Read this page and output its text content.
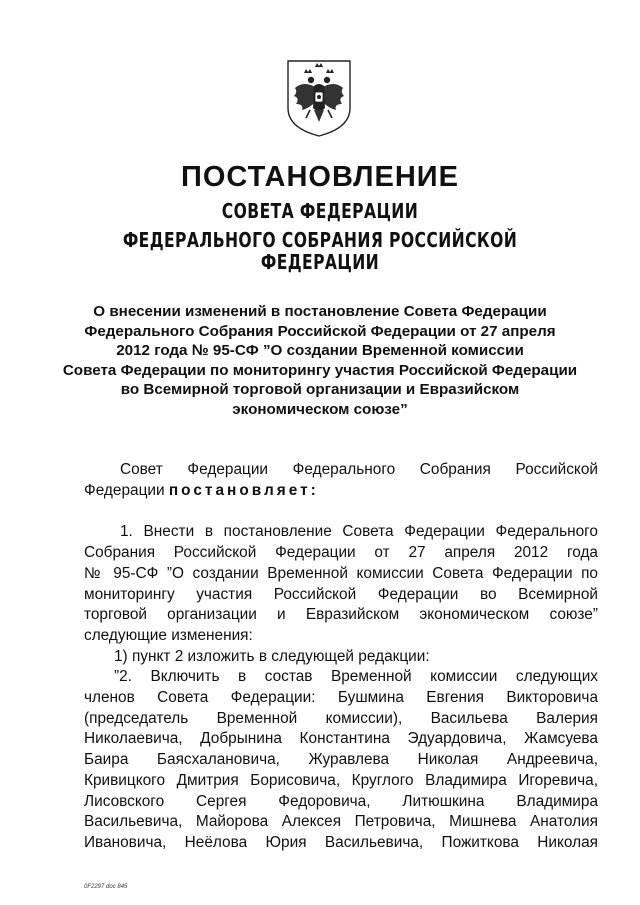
ПОСТАНОВЛЕНИЕ
СОВЕТА ФЕДЕРАЦИИ
ФЕДЕРАЛЬНОГО СОБРАНИЯ РОССИЙСКОЙ ФЕДЕРАЦИИ
О внесении изменений в постановление Совета Федерации
Федерального Собрания Российской Федерации от 27 апреля
2012 года № 95-СФ ”О создании Временной комиссии
Совета Федерации по мониторингу участия Российской Федерации
во Всемирной торговой организации и Евразийском
экономическом союзе”
Совет Федерации Федерального Собрания Российской
Федерации постановляет:
1. Внести в постановление Совета Федерации Федерального
Собрания Российской Федерации от 27 апреля 2012 года
№ 95-СФ ”О создании Временной комиссии Совета Федерации по
мониторингу участия Российской Федерации во Всемирной
торговой организации и Евразийском экономическом союзе”
следующие изменения:
1) пункт 2 изложить в следующей редакции:
”2. Включить в состав Временной комиссии следующих
членов Совета Федерации: Бушмина Евгения Викторовича
(председатель Временной комиссии), Васильева Валерия
Николаевича, Добрынина Константина Эдуардовича, Жамсуева
Баира Баясхалановича, Журавлева Николая Андреевича,
Кривицкого Дмитрия Борисовича, Круглого Владимира Игоревича,
Лисовского Сергея Федоровича, Литюшкина Владимира
Васильевича, Майорова Алексея Петровича, Мишнева Анатолия
Ивановича, Неёлова Юрия Васильевича, Пожиткова Николая
0F2297 doc 845
